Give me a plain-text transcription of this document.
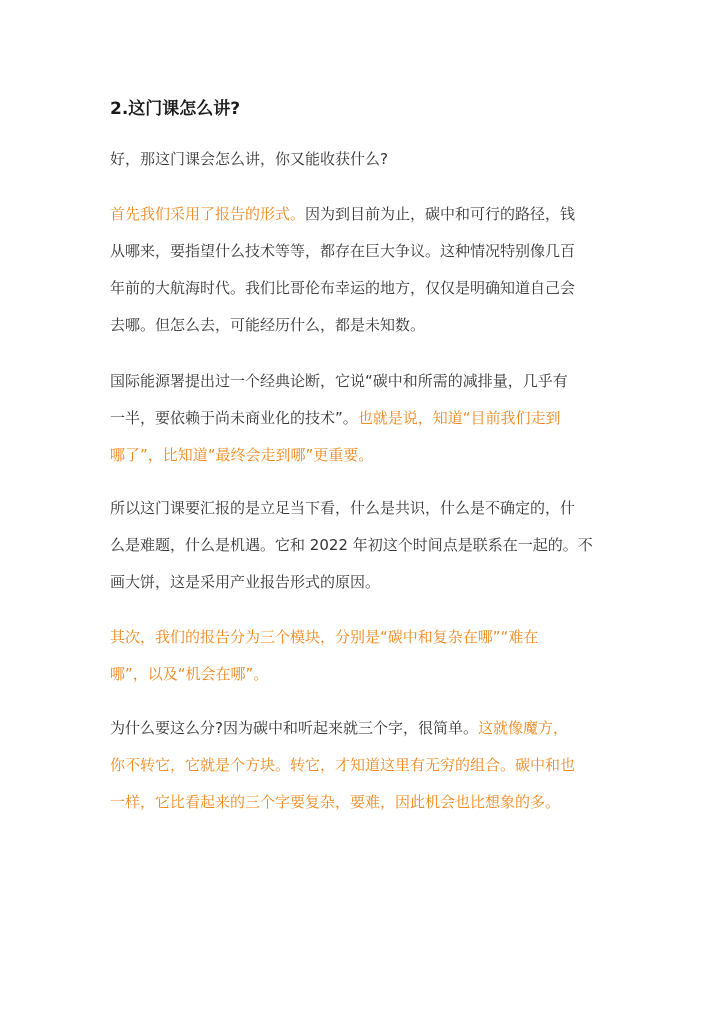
2.这门课怎么讲?
好，那这门课会怎么讲，你又能收获什么?
首先我们采用了报告的形式。因为到目前为止，碳中和可行的路径，钱
从哪来，要指望什么技术等等，都存在巨大争议。这种情况特别像几百
年前的大航海时代。我们比哥伦布幸运的地方，仅仅是明确知道自己会
去哪。但怎么去，可能经历什么，都是未知数。
国际能源署提出过一个经典论断，它说“碳中和所需的减排量，几乎有
一半，要依赖于尚未商业化的技术”。也就是说，知道“目前我们走到
哪了”，比知道“最终会走到哪”更重要。
所以这门课要汇报的是立足当下看，什么是共识，什么是不确定的，什
么是难题，什么是机遇。它和 2022 年初这个时间点是联系在一起的。不
画大饼，这是采用产业报告形式的原因。
其次，我们的报告分为三个模块，分别是“碳中和复杂在哪”“难在
哪”，以及“机会在哪”。
为什么要这么分?因为碳中和听起来就三个字，很简单。这就像魔方，
你不转它，它就是个方块。转它，才知道这里有无穷的组合。碳中和也
一样，它比看起来的三个字要复杂，要难，因此机会也比想象的多。
